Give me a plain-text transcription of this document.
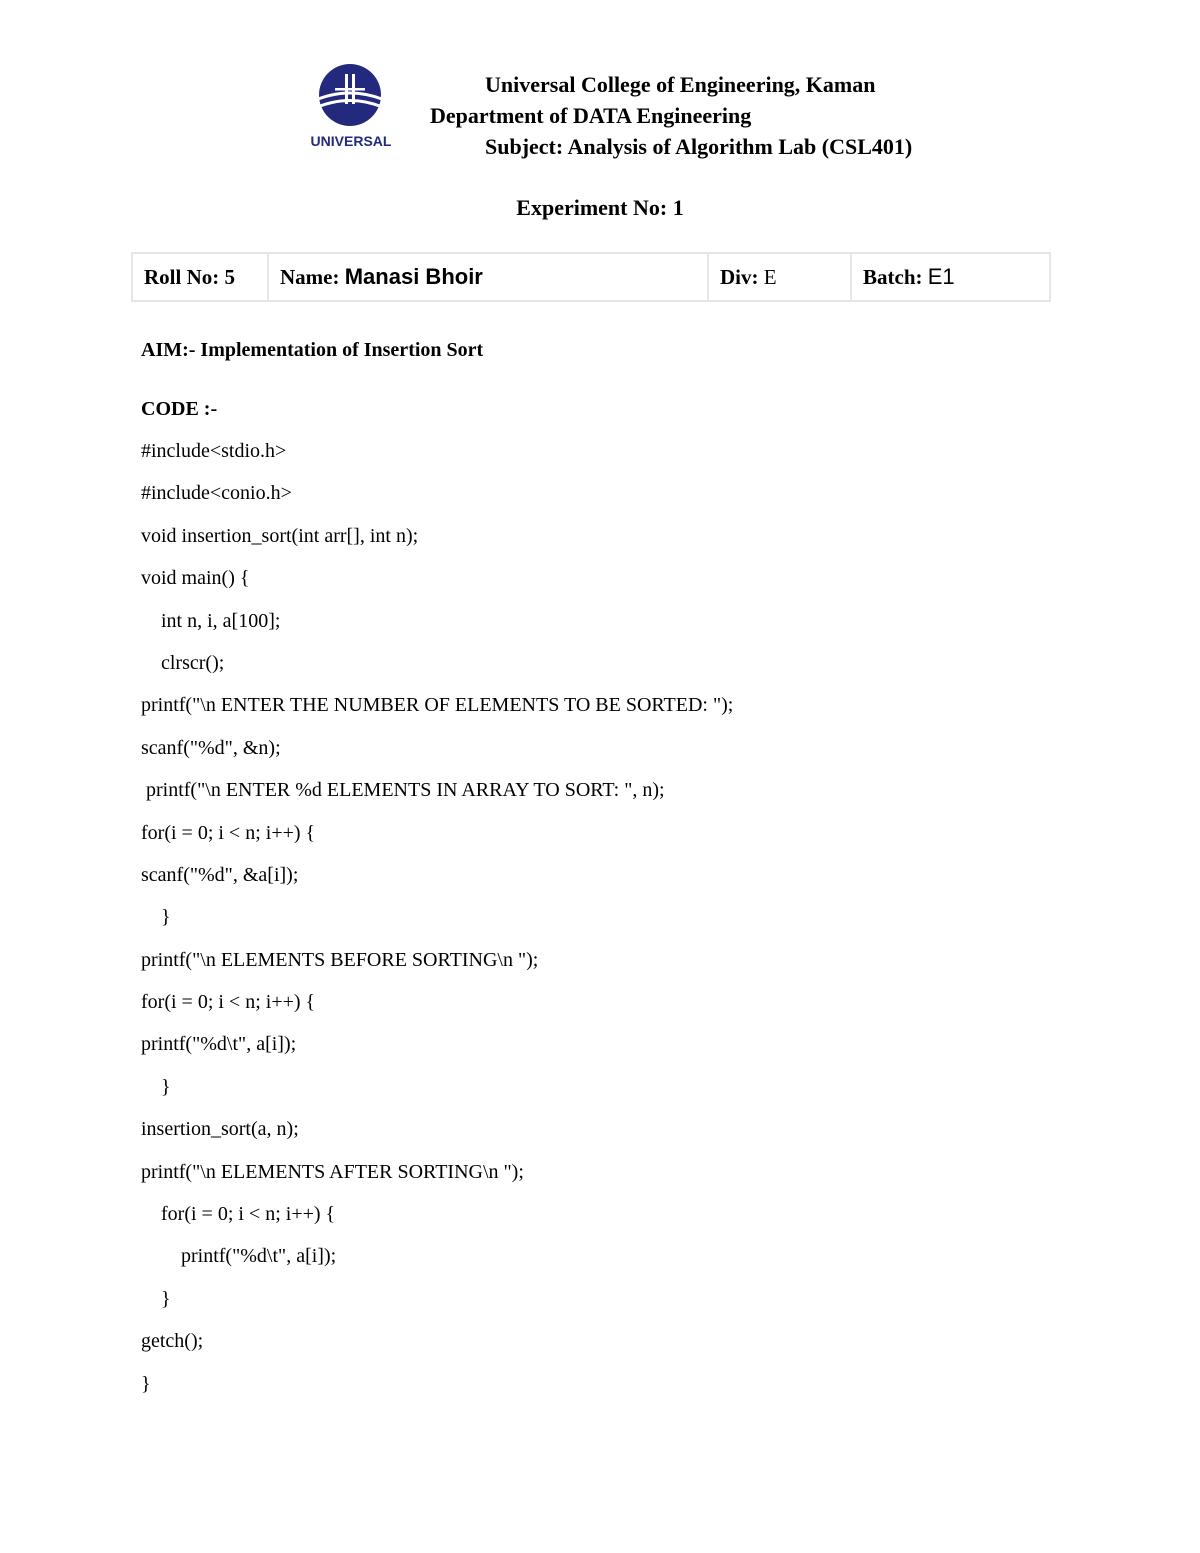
UNIVERSAL
Universal College of Engineering, Kaman
Department of DATA Engineering
Subject: Analysis of Algorithm Lab (CSL401)
Experiment No: 1
Roll No: 5	Name: Manasi Bhoir	Div: E	Batch: E1
AIM:- Implementation of Insertion Sort
CODE :-
#include<stdio.h>
#include<conio.h>
void insertion_sort(int arr[], int n);
void main() {
int n, i, a[100];
clrscr();
printf("\n ENTER THE NUMBER OF ELEMENTS TO BE SORTED: ");
scanf("%d", &n);
printf("\n ENTER %d ELEMENTS IN ARRAY TO SORT: ", n);
for(i = 0; i < n; i++) {
scanf("%d", &a[i]);
}
printf("\n ELEMENTS BEFORE SORTING\n ");
for(i = 0; i < n; i++) {
printf("%d\t", a[i]);
}
insertion_sort(a, n);
printf("\n ELEMENTS AFTER SORTING\n ");
for(i = 0; i < n; i++) {
printf("%d\t", a[i]);
}
getch();
}
